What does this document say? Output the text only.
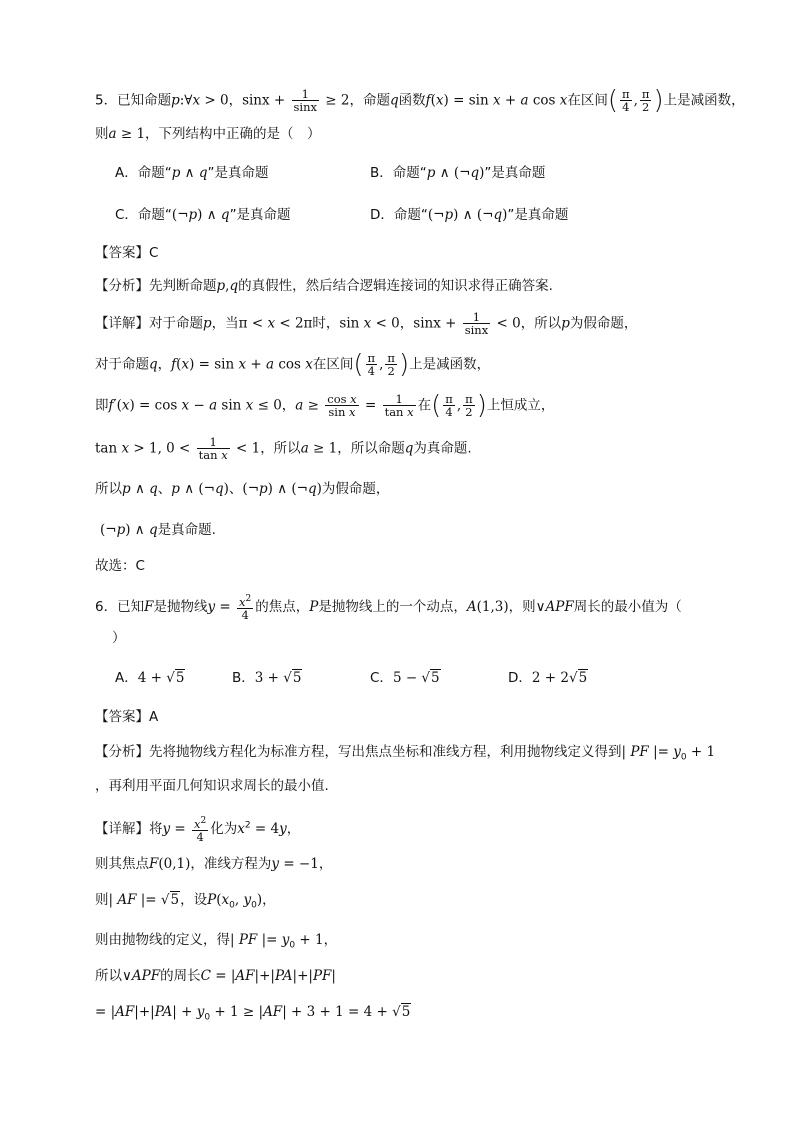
5．已知命题p:∀x > 0，$\sin x + \frac{1}{\sin x} \ge 2$，命题q函数f(x) = sin x + a cos x在区间( $\frac{\pi}{4}$ , $\frac{\pi}{2}$ )上是减函数，
则a ≥ 1，下列结构中正确的是（　）
A．命题“p ∧ q”是真命题	B．命题“p ∧ (¬q)”是真命题
C．命题“(¬p) ∧ q”是真命题	D．命题“(¬p) ∧ (¬q)”是真命题
【答案】C
【分析】先判断命题p,q的真假性，然后结合逻辑连接词的知识求得正确答案.
【详解】对于命题p，当π < x < 2π时，sin x < 0，$\sin x + \frac{1}{\sin x} < 0$，所以p为假命题，
对于命题q，f(x) = sin x + a cos x在区间( $\frac{\pi}{4}$ , $\frac{\pi}{2}$ )上是减函数，
即f′(x) = cos x − a sin x ≤ 0，$a \ge \frac{\text{cos x}}{\text{sin x}} = \frac{1}{\text{tan x}}$ 在( $\frac{\pi}{4}$ , $\frac{\pi}{2}$ )上恒成立，
tan x > 1, $0 < \frac{1}{\text{tan x}} < 1$，所以a ≥ 1，所以命题q为真命题.
所以p ∧ q、p ∧ (¬q)、(¬p) ∧ (¬q)为假命题，
(¬p) ∧ q是真命题.
故选：C
6．已知F是抛物线$y = \frac{x^2}{4}$ 的焦点，P是抛物线上的一个动点，A(1,3)，则∨APF周长的最小值为（
）
A．4 + √5	B．3 + √5	C．5 − √5	D．2 + 2√5
【答案】A
【分析】先将抛物线方程化为标准方程，写出焦点坐标和准线方程，利用抛物线定义得到| PF |= $y_0 + 1$
，再利用平面几何知识求周长的最小值.
【详解】将$y = \frac{x^2}{4}$ 化为$x^2 = 4y$，
则其焦点F(0,1)，准线方程为y = −1，
则| AF |= √5，设$P(x_0$, $y_0$)，
则由抛物线的定义，得| PF |= $y_0 + 1$，
所以∨APF的周长C = |AF|+|PA|+|PF|
= $|AF|+|PA| + y_0 + 1 \ge |AF| + 3 + 1 = 4 + √5$
